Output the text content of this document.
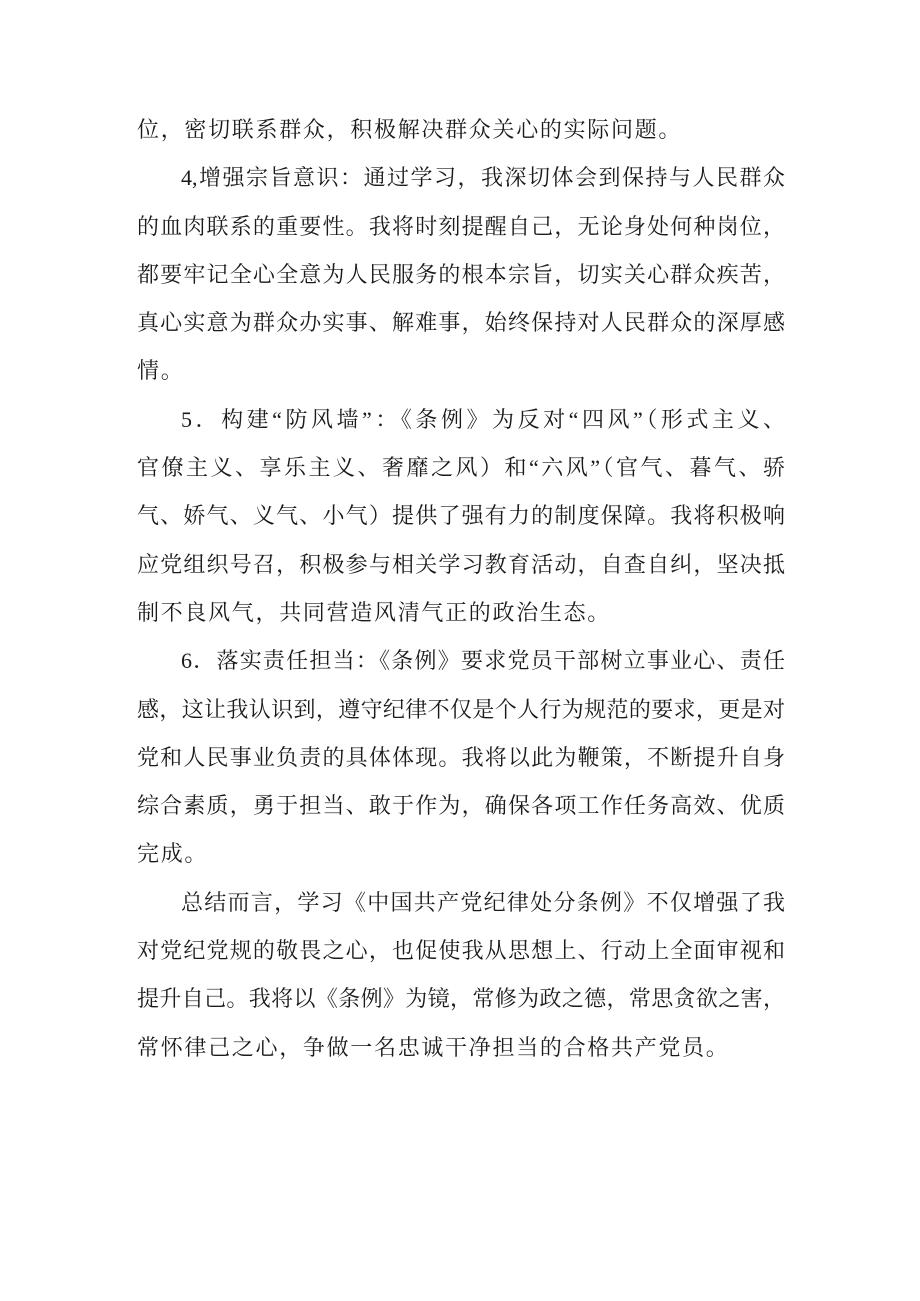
位，密切联系群众，积极解决群众关心的实际问题。
4,增强宗旨意识：通过学习，我深切体会到保持与人民群众
的血肉联系的重要性。我将时刻提醒自己，无论身处何种岗位，
都要牢记全心全意为人民服务的根本宗旨，切实关心群众疾苦，
真心实意为群众办实事、解难事，始终保持对人民群众的深厚感
情。
5．构建“防风墙”：《条例》为反对“四风”（形式主义、
官僚主义、享乐主义、奢靡之风）和“六风”（官气、暮气、骄
气、娇气、义气、小气）提供了强有力的制度保障。我将积极响
应党组织号召，积极参与相关学习教育活动，自查自纠，坚决抵
制不良风气，共同营造风清气正的政治生态。
6．落实责任担当：《条例》要求党员干部树立事业心、责任
感，这让我认识到，遵守纪律不仅是个人行为规范的要求，更是对
党和人民事业负责的具体体现。我将以此为鞭策，不断提升自身
综合素质，勇于担当、敢于作为，确保各项工作任务高效、优质
完成。
总结而言，学习《中国共产党纪律处分条例》不仅增强了我
对党纪党规的敬畏之心，也促使我从思想上、行动上全面审视和
提升自己。我将以《条例》为镜，常修为政之德，常思贪欲之害，
常怀律己之心，争做一名忠诚干净担当的合格共产党员。
